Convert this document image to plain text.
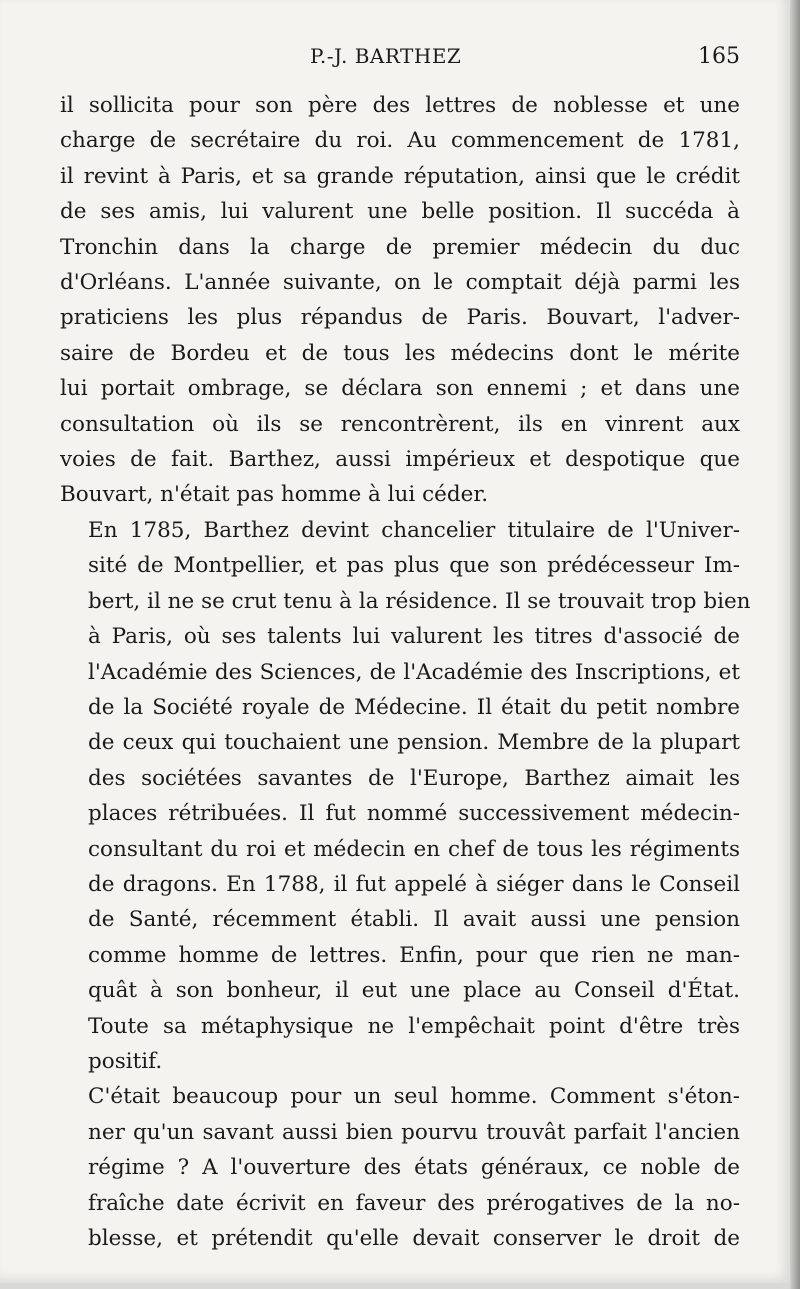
P.-J. BARTHEZ	165
il sollicita pour son père des lettres de noblesse et une
charge de secrétaire du roi. Au commencement de 1781,
il revint à Paris, et sa grande réputation, ainsi que le crédit
de ses amis, lui valurent une belle position. Il succéda à
Tronchin dans la charge de premier médecin du duc
d'Orléans. L'année suivante, on le comptait déjà parmi les
praticiens les plus répandus de Paris. Bouvart, l'adver-
saire de Bordeu et de tous les médecins dont le mérite
lui portait ombrage, se déclara son ennemi ; et dans une
consultation où ils se rencontrèrent, ils en vinrent aux
voies de fait. Barthez, aussi impérieux et despotique que
Bouvart, n'était pas homme à lui céder.
En 1785, Barthez devint chancelier titulaire de l'Univer-
sité de Montpellier, et pas plus que son prédécesseur Im-
bert, il ne se crut tenu à la résidence. Il se trouvait trop bien
à Paris, où ses talents lui valurent les titres d'associé de
l'Académie des Sciences, de l'Académie des Inscriptions, et
de la Société royale de Médecine. Il était du petit nombre
de ceux qui touchaient une pension. Membre de la plupart
des sociétées savantes de l'Europe, Barthez aimait les
places rétribuées. Il fut nommé successivement médecin-
consultant du roi et médecin en chef de tous les régiments
de dragons. En 1788, il fut appelé à siéger dans le Conseil
de Santé, récemment établi. Il avait aussi une pension
comme homme de lettres. Enfin, pour que rien ne man-
quât à son bonheur, il eut une place au Conseil d'État.
Toute sa métaphysique ne l'empêchait point d'être très
positif.
C'était beaucoup pour un seul homme. Comment s'éton-
ner qu'un savant aussi bien pourvu trouvât parfait l'ancien
régime ? A l'ouverture des états généraux, ce noble de
fraîche date écrivit en faveur des prérogatives de la no-
blesse, et prétendit qu'elle devait conserver le droit de
